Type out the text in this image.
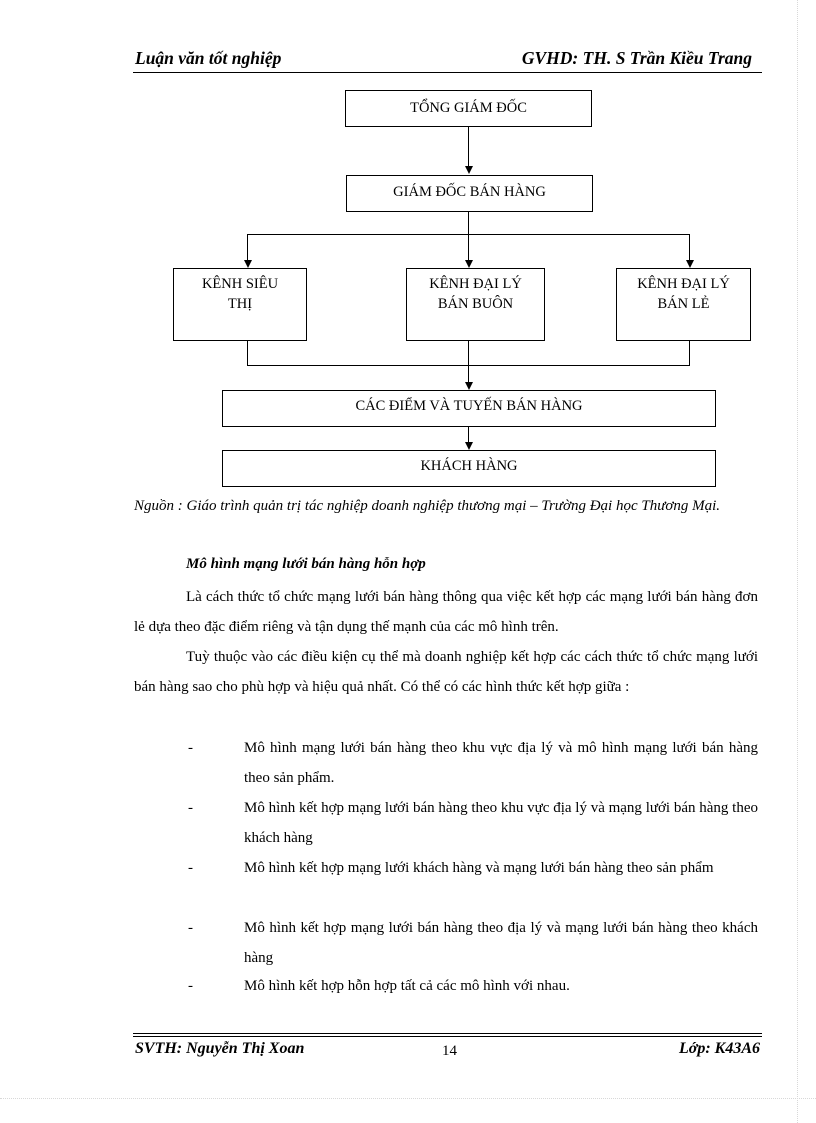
Luận văn tốt nghiệp	GVHD: TH. S Trần Kiều Trang
TỔNG GIÁM ĐỐC
GIÁM ĐỐC BÁN HÀNG
KÊNH SIÊU
THỊ
KÊNH ĐẠI LÝ
BÁN BUÔN
KÊNH ĐẠI LÝ
BÁN LẺ
CÁC ĐIỂM VÀ TUYẾN BÁN HÀNG
KHÁCH HÀNG
Nguồn : Giáo trình quản trị tác nghiệp doanh nghiệp thương mại – Trường Đại học Thương Mại.
Mô hình mạng lưới bán hàng hỗn hợp
Là cách thức tổ chức mạng lưới bán hàng thông qua việc kết hợp các mạng lưới bán hàng đơn lẻ dựa theo đặc điểm riêng và tận dụng thế mạnh của các mô hình trên.
Tuỳ thuộc vào các điều kiện cụ thể mà doanh nghiệp kết hợp các cách thức tổ chức mạng lưới bán hàng sao cho phù hợp và hiệu quả nhất. Có thể có các hình thức kết hợp giữa :
-	Mô hình mạng lưới bán hàng theo khu vực địa lý và mô hình mạng lưới bán hàng theo sản phẩm.
-	Mô hình kết hợp mạng lưới bán hàng theo khu vực địa lý và mạng lưới bán hàng theo khách hàng
-	Mô hình kết hợp mạng lưới khách hàng và mạng lưới bán hàng theo sản phẩm
-	Mô hình kết hợp mạng lưới bán hàng theo địa lý và mạng lưới bán hàng theo khách hàng
-	Mô hình kết hợp hỗn hợp tất cả các mô hình với nhau.
SVTH: Nguyễn Thị Xoan	14	Lớp: K43A6
